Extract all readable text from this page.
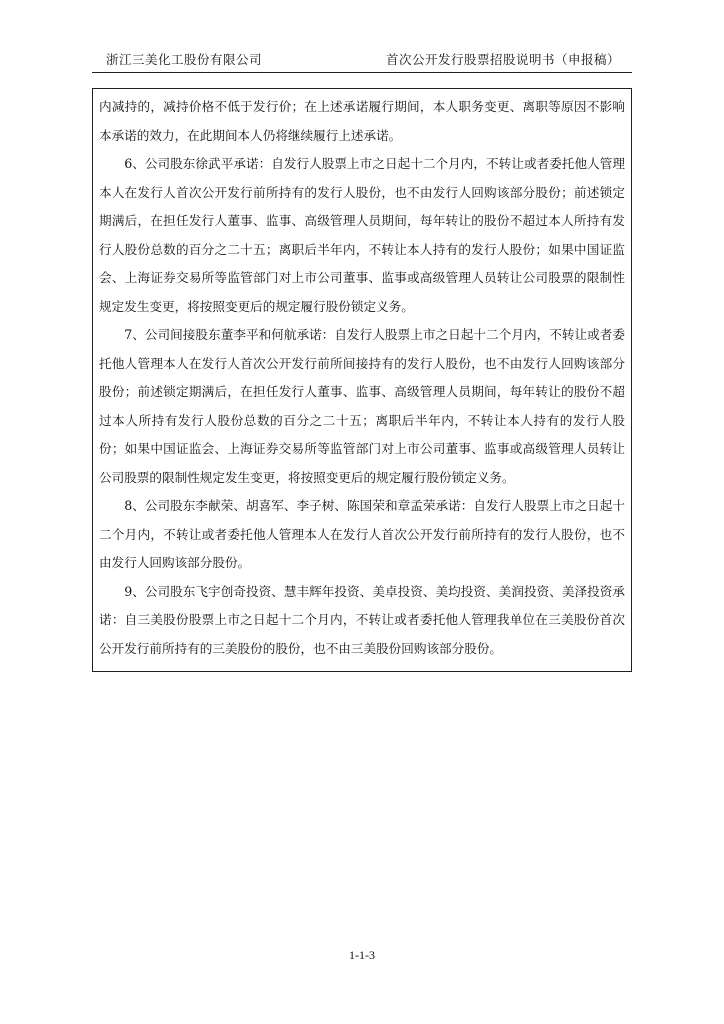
浙江三美化工股份有限公司	首次公开发行股票招股说明书（申报稿）

内减持的，减持价格不低于发行价；在上述承诺履行期间，本人职务变更、离职等原因不影响本承诺的效力，在此期间本人仍将继续履行上述承诺。

6、公司股东徐武平承诺：自发行人股票上市之日起十二个月内，不转让或者委托他人管理本人在发行人首次公开发行前所持有的发行人股份，也不由发行人回购该部分股份；前述锁定期满后，在担任发行人董事、监事、高级管理人员期间，每年转让的股份不超过本人所持有发行人股份总数的百分之二十五；离职后半年内，不转让本人持有的发行人股份；如果中国证监会、上海证券交易所等监管部门对上市公司董事、监事或高级管理人员转让公司股票的限制性规定发生变更，将按照变更后的规定履行股份锁定义务。

7、公司间接股东董李平和何航承诺：自发行人股票上市之日起十二个月内，不转让或者委托他人管理本人在发行人首次公开发行前所间接持有的发行人股份，也不由发行人回购该部分股份；前述锁定期满后，在担任发行人董事、监事、高级管理人员期间，每年转让的股份不超过本人所持有发行人股份总数的百分之二十五；离职后半年内，不转让本人持有的发行人股份；如果中国证监会、上海证券交易所等监管部门对上市公司董事、监事或高级管理人员转让公司股票的限制性规定发生变更，将按照变更后的规定履行股份锁定义务。

8、公司股东李献荣、胡喜军、李子树、陈国荣和章孟荣承诺：自发行人股票上市之日起十二个月内，不转让或者委托他人管理本人在发行人首次公开发行前所持有的发行人股份，也不由发行人回购该部分股份。

9、公司股东飞宇创奇投资、慧丰辉年投资、美卓投资、美均投资、美润投资、美泽投资承诺：自三美股份股票上市之日起十二个月内，不转让或者委托他人管理我单位在三美股份首次公开发行前所持有的三美股份的股份，也不由三美股份回购该部分股份。

1-1-3
